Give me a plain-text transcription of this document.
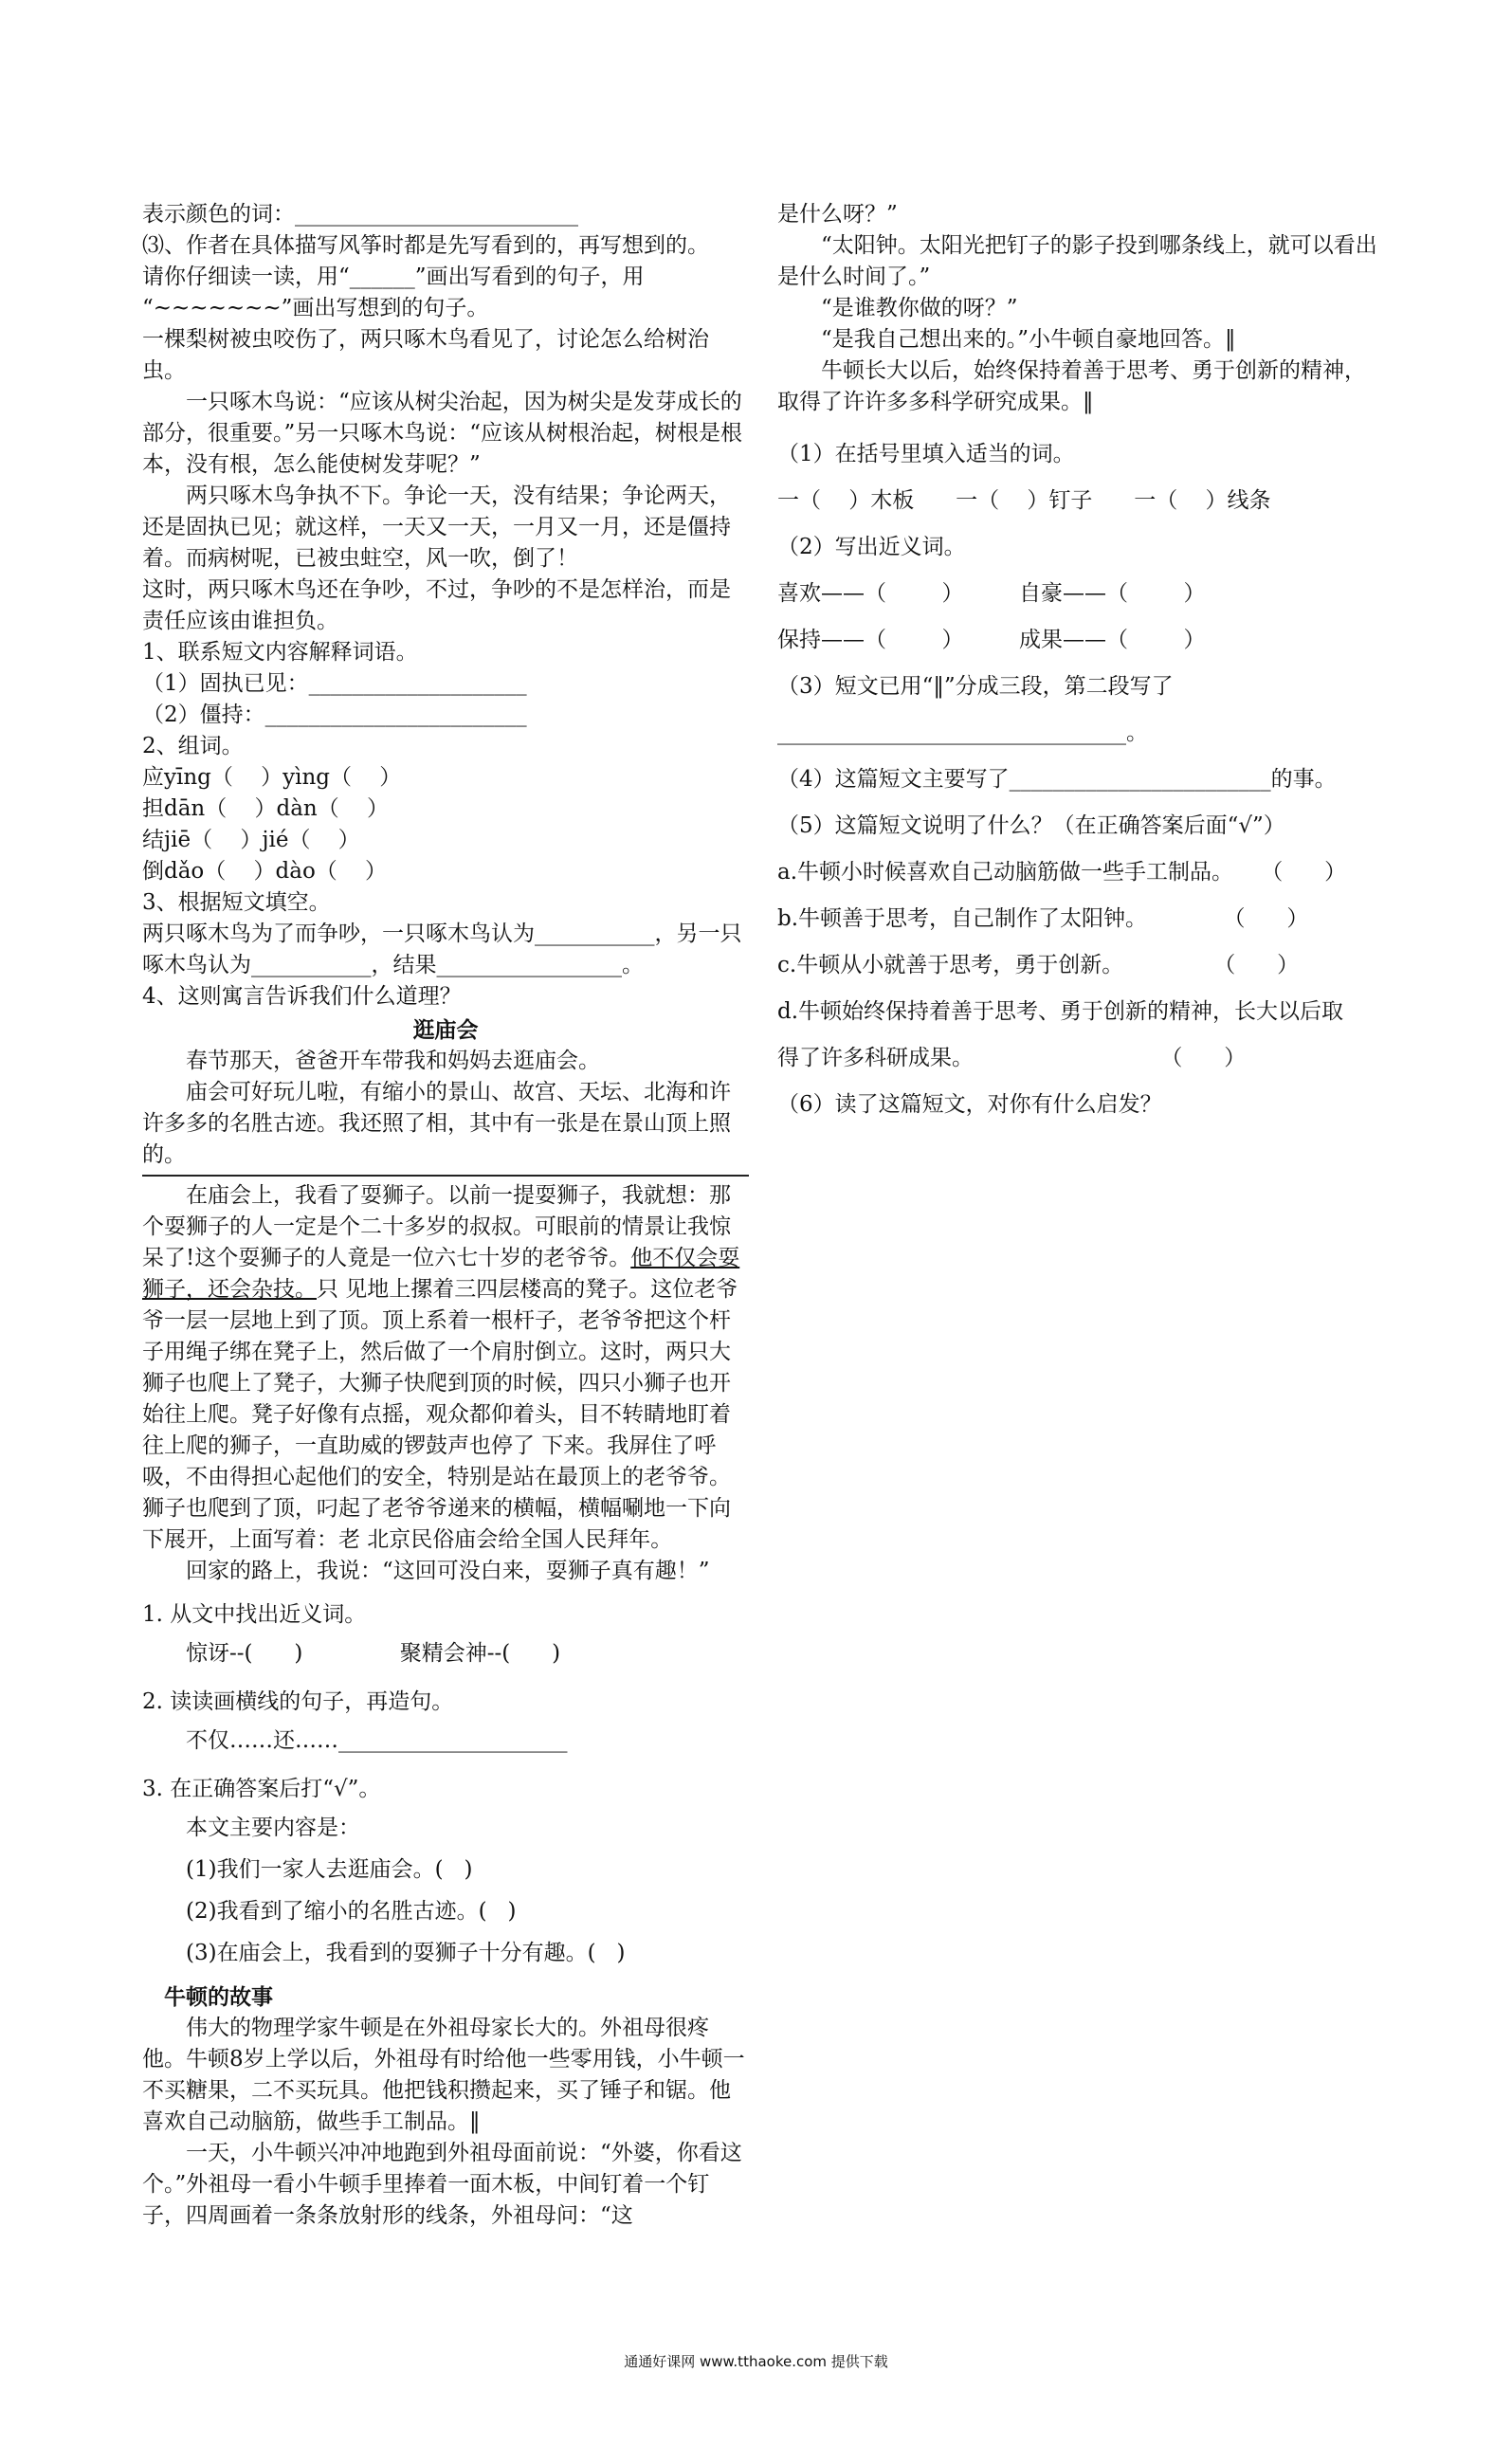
表示颜色的词：__________________________

⑶、作者在具体描写风筝时都是先写看到的，再写想到的。

请你仔细读一读，用“______”画出写看到的句子，用

“~~~~~~~”画出写想到的句子。

一棵梨树被虫咬伤了，两只啄木鸟看见了，讨论怎么给树治虫。

一只啄木鸟说：“应该从树尖治起，因为树尖是发芽成长的部分，很重要。”另一只啄木鸟说：“应该从树根治起，树根是根本，没有根，怎么能使树发芽呢？”

两只啄木鸟争执不下。争论一天，没有结果；争论两天，还是固执已见；就这样，一天又一天，一月又一月，还是僵持着。而病树呢，已被虫蛀空，风一吹，倒了！

这时，两只啄木鸟还在争吵，不过，争吵的不是怎样治，而是责任应该由谁担负。

1、联系短文内容解释词语。

（1）固执已见：____________________

（2）僵持：________________________

2、组词。

应yīng（    ）yìng（    ）

担dān（    ）dàn（    ）

结jiē（    ）jié（    ）

倒dǎo（    ）dào（    ）

3、根据短文填空。

两只啄木鸟为了而争吵，一只啄木鸟认为___________，另一只啄木鸟认为___________，结果_________________。

4、这则寓言告诉我们什么道理？

逛庙会

春节那天，爸爸开车带我和妈妈去逛庙会。

庙会可好玩儿啦，有缩小的景山、故宫、天坛、北海和许许多多的名胜古迹。我还照了相，其中有一张是在景山顶上照的。

在庙会上，我看了耍狮子。以前一提耍狮子，我就想：那个耍狮子的人一定是个二十多岁的叔叔。可眼前的情景让我惊呆了!这个耍狮子的人竟是一位六七十岁的老爷爷。他不仅会耍狮子，还会杂技。只 见地上摞着三四层楼高的凳子。这位老爷爷一层一层地上到了顶。顶上系着一根杆子，老爷爷把这个杆子用绳子绑在凳子上，然后做了一个肩肘倒立。这时，两只大 狮子也爬上了凳子，大狮子快爬到顶的时候，四只小狮子也开始往上爬。凳子好像有点摇，观众都仰着头，目不转睛地盯着往上爬的狮子，一直助威的锣鼓声也停了 下来。我屏住了呼吸，不由得担心起他们的安全，特别是站在最顶上的老爷爷。狮子也爬到了顶，叼起了老爷爷递来的横幅，横幅唰地一下向下展开，上面写着：老 北京民俗庙会给全国人民拜年。

回家的路上，我说：“这回可没白来，耍狮子真有趣！”

1. 从文中找出近义词。

惊讶--(      )              聚精会神--(      )

2. 读读画横线的句子，再造句。

不仅……还……_____________________

3. 在正确答案后打“√”。

本文主要内容是：

(1)我们一家人去逛庙会。(   )

(2)我看到了缩小的名胜古迹。(   )

(3)在庙会上，我看到的耍狮子十分有趣。(   )

牛顿的故事

伟大的物理学家牛顿是在外祖母家长大的。外祖母很疼他。牛顿8岁上学以后，外祖母有时给他一些零用钱，小牛顿一不买糖果，二不买玩具。他把钱积攒起来，买了锤子和锯。他喜欢自己动脑筋，做些手工制品。‖

一天，小牛顿兴冲冲地跑到外祖母面前说：“外婆，你看这个。”外祖母一看小牛顿手里捧着一面木板，中间钉着一个钉子，四周画着一条条放射形的线条，外祖母问：“这

是什么呀？”

“太阳钟。太阳光把钉子的影子投到哪条线上，就可以看出是什么时间了。”

“是谁教你做的呀？”

“是我自己想出来的。”小牛顿自豪地回答。‖

牛顿长大以后，始终保持着善于思考、勇于创新的精神，取得了许许多多科学研究成果。‖

（1）在括号里填入适当的词。

一（    ）木板      一（    ）钉子      一（    ）线条

（2）写出近义词。

喜欢——（        ）        自豪——（        ）

保持——（        ）        成果——（        ）

（3）短文已用“‖”分成三段，第二段写了

________________________________。

（4）这篇短文主要写了________________________的事。

（5）这篇短文说明了什么？（在正确答案后面“√”）

a.牛顿小时候喜欢自己动脑筋做一些手工制品。    （      ）

b.牛顿善于思考，自己制作了太阳钟。           （      ）

c.牛顿从小就善于思考，勇于创新。             （      ）

d.牛顿始终保持着善于思考、勇于创新的精神，长大以后取

得了许多科研成果。                           （      ）

（6）读了这篇短文，对你有什么启发？

通通好课网 www.tthaoke.com 提供下载
